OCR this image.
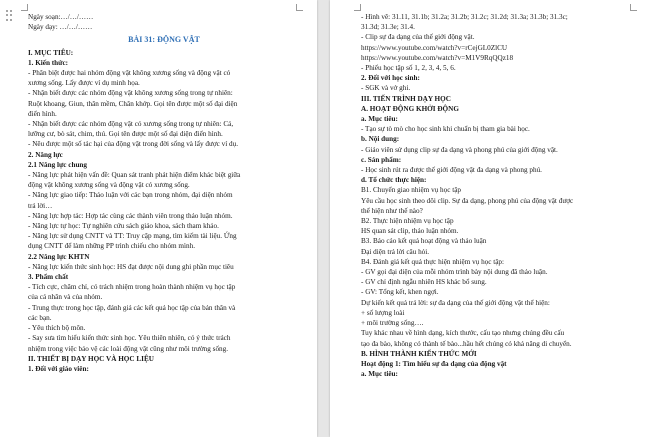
Ngày soạn:…/…/……
Ngày dạy: …/…/……
BÀI 31: ĐỘNG VẬT
I. MỤC TIÊU:
1. Kiến thức:
- Phân biệt được hai nhóm động vật không xương sống và động vật có
xương sống. Lấy được ví dụ minh họa.
- Nhận biết được các nhóm động vật không xương sống trong tự nhiên:
Ruột khoang, Giun, thân mềm, Chân khớp. Gọi tên được một số đại diện
điển hình.
- Nhận biết được các nhóm động vật có xương sống trong tự nhiên: Cá,
lưỡng cư, bò sát, chim, thú. Gọi tên được một số đại diện điển hình.
- Nêu được một số tác hại của động vật trong đời sống và lấy được ví dụ.
2. Năng lực
2.1 Năng lực chung
- Năng lực phát hiện vấn đề: Quan sát tranh phát hiện điểm khác biệt giữa
động vật không xương sống và động vật có xương sống.
- Năng lực giao tiếp: Thảo luận với các bạn trong nhóm, đại diện nhóm
trả lời…
- Năng lực hợp tác: Hợp tác cùng các thành viên trong thảo luận nhóm.
- Năng lực tự học: Tự nghiên cứu sách giáo khoa, sách tham khảo.
- Năng lực sử dụng CNTT và TT: Truy cập mạng, tìm kiếm tài liệu. Ứng
dụng CNTT để làm những PP trình chiếu cho nhóm mình.
2.2 Năng lực KHTN
- Năng lực kiến thức sinh học: HS đạt được nội dung ghi phần mục tiêu
3. Phẩm chất
- Tích cực, chăm chỉ, có trách nhiệm trong hoàn thành nhiệm vụ học tập
của cá nhân và của nhóm.
- Trung thực trong học tập, đánh giá các kết quả học tập của bản thân và
các bạn.
- Yêu thích bộ môn.
- Say sưa tìm hiểu kiến thức sinh học. Yêu thiên nhiên, có ý thức trách
nhiệm trong việc bảo vệ các loài động vật cũng như môi trường sống.
II. THIẾT BỊ DẠY HỌC VÀ HỌC LIỆU
1. Đối với giáo viên:
- Hình vẽ: 31.11, 31.1b; 31.2a; 31.2b; 31.2c; 31.2d; 31.3a; 31.3b; 31.3c;
31.3d; 31.3e; 31.4.
- Clip sự đa dạng của thế giới động vật.
https://www.youtube.com/watch?v=rCejGL0ZlCU
https://www.youtube.com/watch?v=M1V9RqQQz18
- Phiếu học tập số 1, 2, 3, 4, 5, 6.
2. Đối với học sinh:
- SGK và vở ghi.
III. TIẾN TRÌNH DẠY HỌC
A. HOẠT ĐỘNG KHỞI ĐỘNG
a. Mục tiêu:
- Tạo sự tò mò cho học sinh khi chuẩn bị tham gia bài học.
b. Nội dung:
- Giáo viên sử dụng clip sự đa dạng và phong phú của giới động vật.
c. Sản phẩm:
- Học sinh rút ra được thế giới động vật đa dạng và phong phú.
d. Tổ chức thực hiện:
B1. Chuyển giao nhiệm vụ học tập
Yêu cầu học sinh theo dõi clip. Sự đa dạng, phong phú của động vật được
thể hiện như thế nào?
B2. Thực hiện nhiệm vụ học tập
HS quan sát clip, thảo luận nhóm.
B3. Báo cáo kết quả hoạt động và thảo luận
Đại diện trả lời câu hỏi.
B4. Đánh giá kết quả thực hiện nhiệm vụ học tập:
- GV gọi đại diện của mỗi nhóm trình bày nội dung đã thảo luận.
- GV chỉ định ngẫu nhiên HS khác bổ sung.
- GV: Tổng kết, khen ngợi.
Dự kiến kết quả trả lời: sự đa dạng của thế giới động vật thể hiện:
+ số lượng loài
+ môi trường sống….
Tuy khác nhau về hình dạng, kích thước, cấu tạo nhưng chúng đều cấu
tạo đa bào, không có thành tế bào...hầu hết chúng có khả năng di chuyển.
B. HÌNH THÀNH KIẾN THỨC MỚI
Hoạt động 1: Tìm hiểu sự đa dạng của động vật
a. Mục tiêu:
